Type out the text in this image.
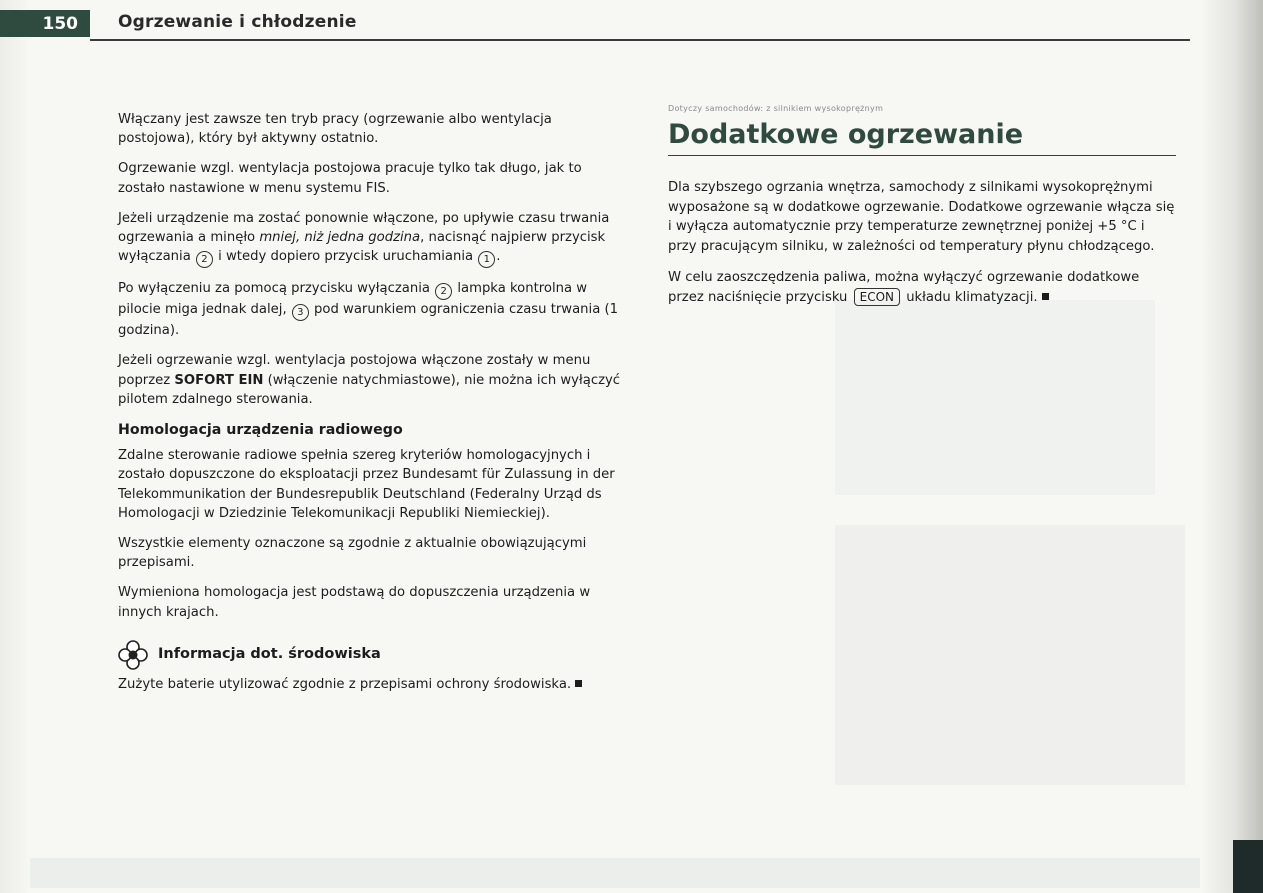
150	Ogrzewanie i chłodzenie

Włączany jest zawsze ten tryb pracy (ogrzewanie albo wentylacja postojowa), który był aktywny ostatnio.

Ogrzewanie wzgl. wentylacja postojowa pracuje tylko tak długo, jak to zostało nastawione w menu systemu FIS.

Jeżeli urządzenie ma zostać ponownie włączone, po upływie czasu trwania ogrzewania a minęło mniej, niż jedna godzina, nacisnąć najpierw przycisk wyłączania 2 i wtedy dopiero przycisk uruchamiania 1 .

Po wyłączeniu za pomocą przycisku wyłączania 2 lampka kontrolna w pilocie miga jednak dalej, 3 pod warunkiem ograniczenia czasu trwania (1 godzina).

Jeżeli ogrzewanie wzgl. wentylacja postojowa włączone zostały w menu poprzez SOFORT EIN (włączenie natychmiastowe), nie można ich wyłączyć pilotem zdalnego sterowania.

Homologacja urządzenia radiowego

Zdalne sterowanie radiowe spełnia szereg kryteriów homologacyjnych i zostało dopuszczone do eksploatacji przez Bundesamt für Zulassung in der Telekommunikation der Bundesrepublik Deutschland (Federalny Urząd ds Homologacji w Dziedzinie Telekomunikacji Republiki Niemieckiej).

Wszystkie elementy oznaczone są zgodnie z aktualnie obowiązującymi przepisami.

Wymieniona homologacja jest podstawą do dopuszczenia urządzenia w innych krajach.

Informacja dot. środowiska

Zużyte baterie utylizować zgodnie z przepisami ochrony środowiska.

Dotyczy samochodów: z silnikiem wysokoprężnym
Dodatkowe ogrzewanie

Dla szybszego ogrzania wnętrza, samochody z silnikami wysokoprężnymi wyposażone są w dodatkowe ogrzewanie. Dodatkowe ogrzewanie włącza się i wyłącza automatycznie przy temperaturze zewnętrznej poniżej +5 °C i przy pracującym silniku, w zależności od temperatury płynu chłodzącego.

W celu zaoszczędzenia paliwa, można wyłączyć ogrzewanie dodatkowe przez naciśnięcie przycisku ECON układu klimatyzacji.
